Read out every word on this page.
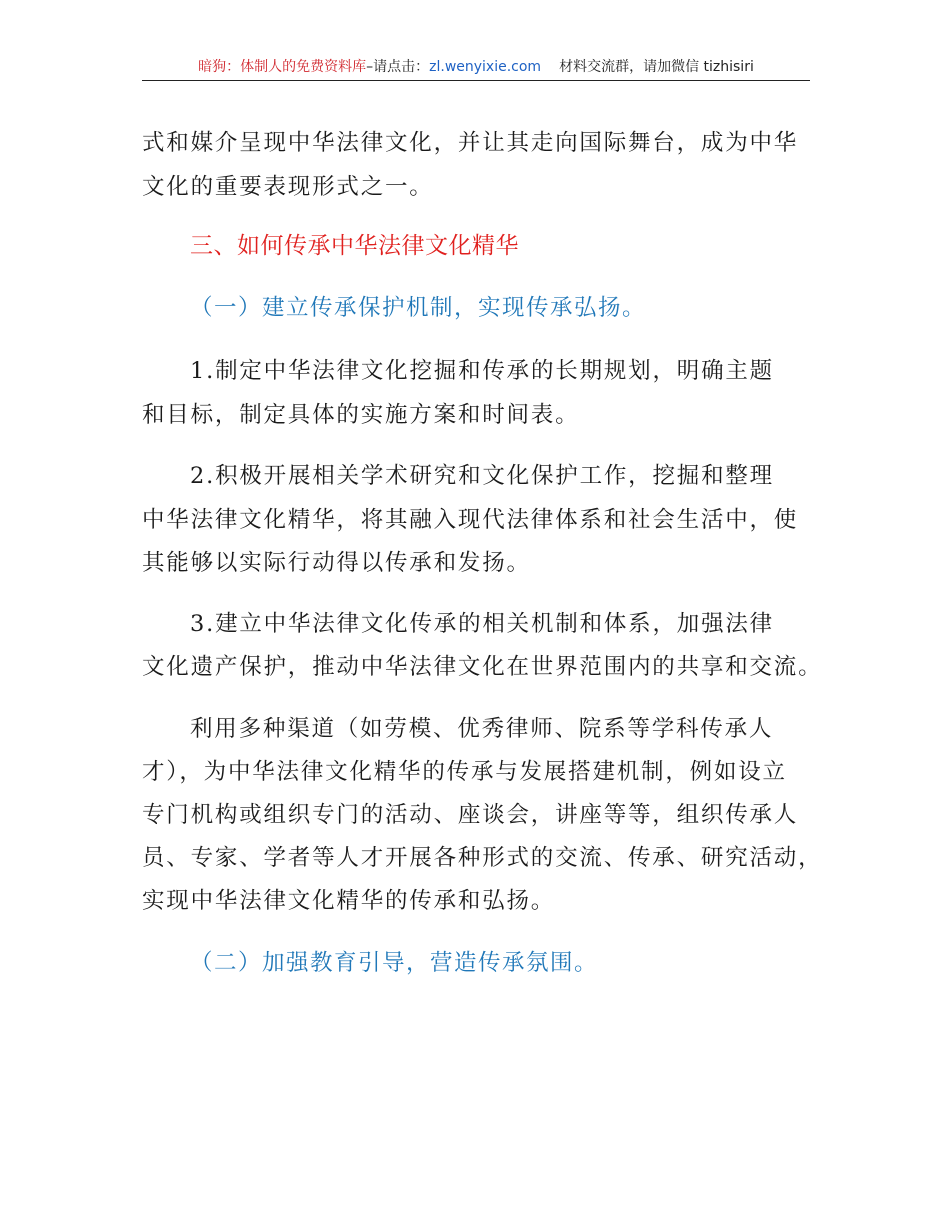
暗狗：体制人的免费资料库–请点击：zl.wenyixie.com 材料交流群，请加微信 tizhisiri
式和媒介呈现中华法律文化，并让其走向国际舞台，成为中华
文化的重要表现形式之一。
三、如何传承中华法律文化精华
（一）建立传承保护机制，实现传承弘扬。
1.制定中华法律文化挖掘和传承的长期规划，明确主题
和目标，制定具体的实施方案和时间表。
2.积极开展相关学术研究和文化保护工作，挖掘和整理
中华法律文化精华，将其融入现代法律体系和社会生活中，使
其能够以实际行动得以传承和发扬。
3.建立中华法律文化传承的相关机制和体系，加强法律
文化遗产保护，推动中华法律文化在世界范围内的共享和交流。
利用多种渠道（如劳模、优秀律师、院系等学科传承人
才），为中华法律文化精华的传承与发展搭建机制，例如设立
专门机构或组织专门的活动、座谈会，讲座等等，组织传承人
员、专家、学者等人才开展各种形式的交流、传承、研究活动，
实现中华法律文化精华的传承和弘扬。
（二）加强教育引导，营造传承氛围。
